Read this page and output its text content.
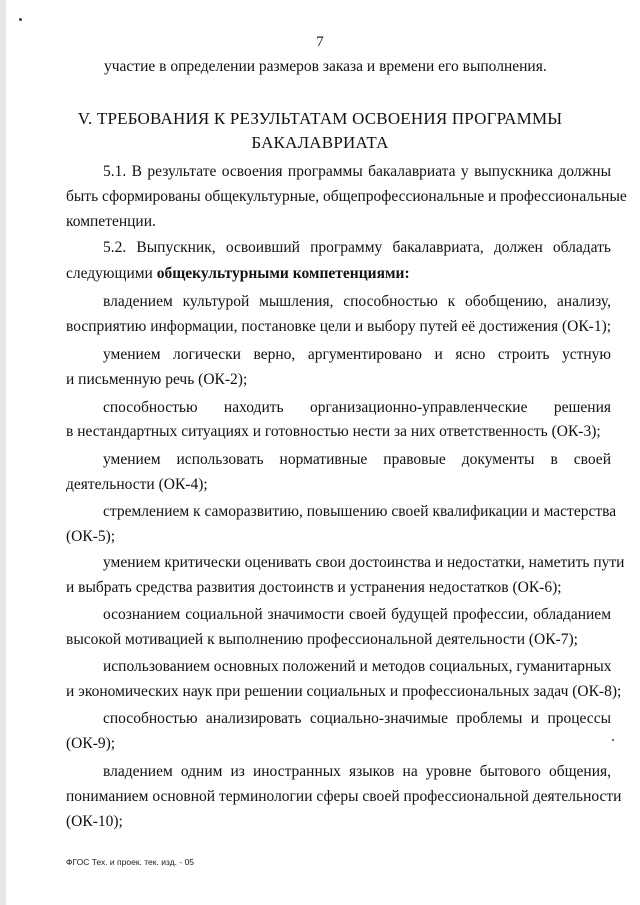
7
участие в определении размеров заказа и времени его выполнения.
V. ТРЕБОВАНИЯ К РЕЗУЛЬТАТАМ ОСВОЕНИЯ ПРОГРАММЫ
БАКАЛАВРИАТА
5.1. В результате освоения программы бакалавриата у выпускника должны
быть сформированы общекультурные, общепрофессиональные и профессиональные
компетенции.
5.2. Выпускник, освоивший программу бакалавриата, должен обладать
следующими общекультурными компетенциями:
владением культурой мышления, способностью к обобщению, анализу,
восприятию информации, постановке цели и выбору путей её достижения (ОК-1);
умением логически верно, аргументировано и ясно строить устную
и письменную речь (ОК-2);
способностью находить организационно-управленческие решения
в нестандартных ситуациях и готовностью нести за них ответственность (ОК-3);
умением использовать нормативные правовые документы в своей
деятельности (ОК-4);
стремлением к саморазвитию, повышению своей квалификации и мастерства
(ОК-5);
умением критически оценивать свои достоинства и недостатки, наметить пути
и выбрать средства развития достоинств и устранения недостатков (ОК-6);
осознанием социальной значимости своей будущей профессии, обладанием
высокой мотивацией к выполнению профессиональной деятельности (ОК-7);
использованием основных положений и методов социальных, гуманитарных
и экономических наук при решении социальных и профессиональных задач (ОК-8);
способностью анализировать социально-значимые проблемы и процессы
(ОК-9);
владением одним из иностранных языков на уровне бытового общения,
пониманием основной терминологии сферы своей профессиональной деятельности
(ОК-10);
ФГОС Тех. и проек. тек. изд. - 05
